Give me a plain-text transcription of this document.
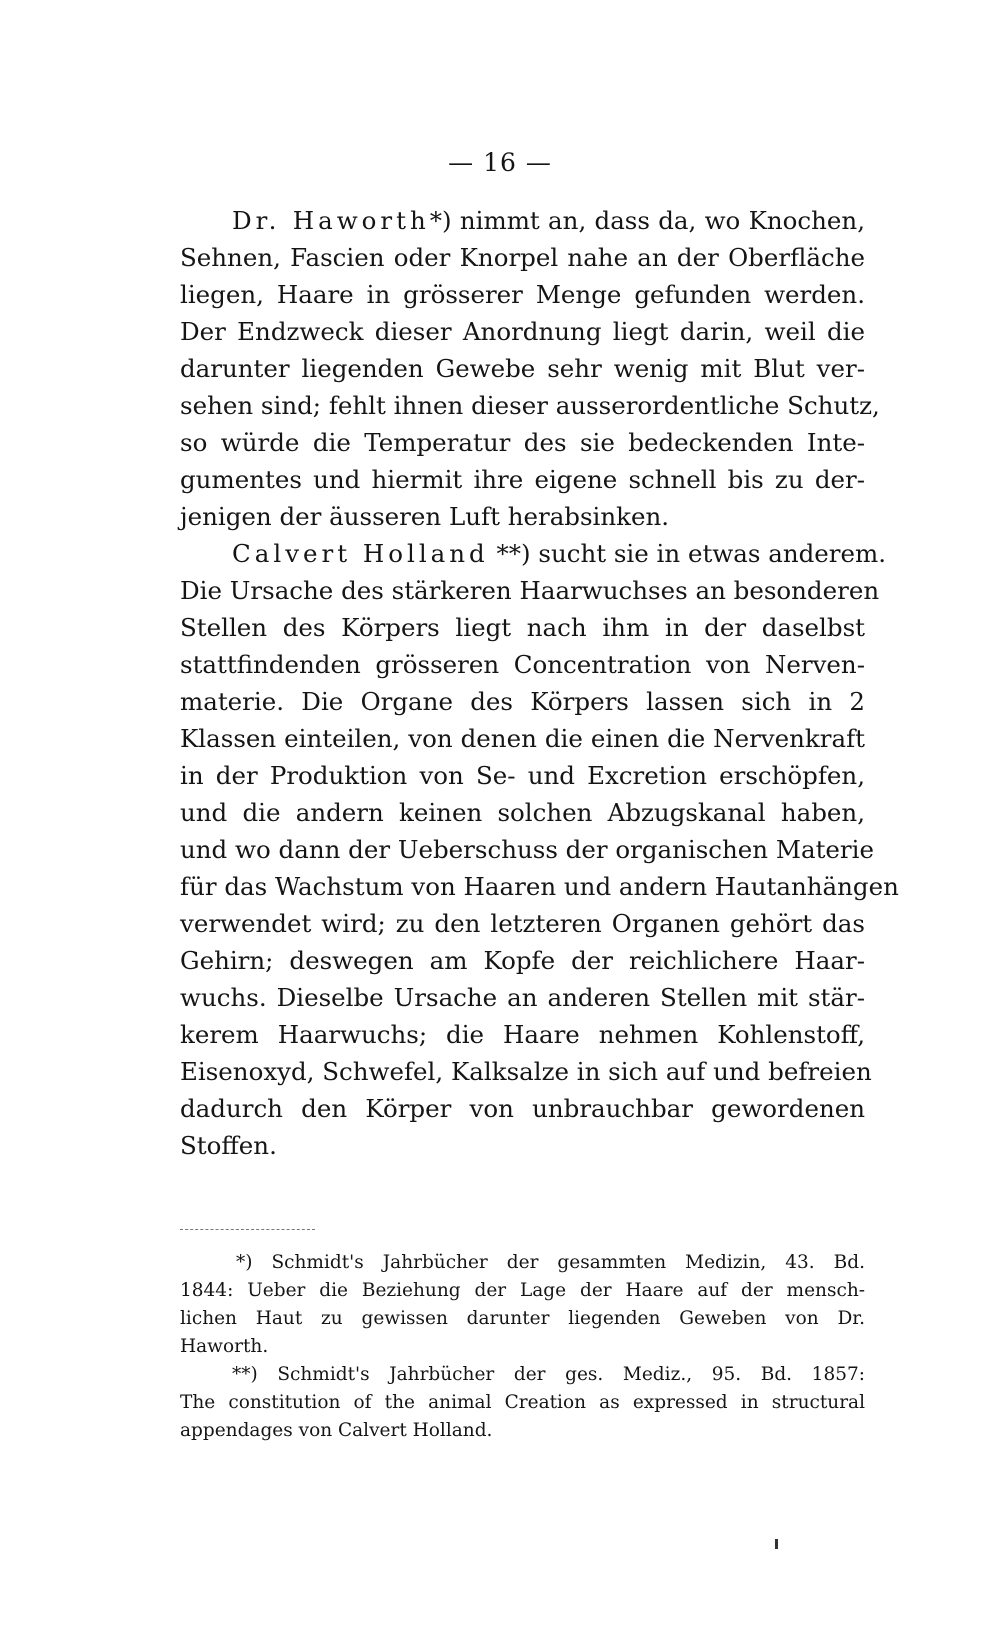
— 16 —
Dr. Haworth*) nimmt an, dass da, wo Knochen,
Sehnen, Fascien oder Knorpel nahe an der Oberfläche
liegen, Haare in grösserer Menge gefunden werden.
Der Endzweck dieser Anordnung liegt darin, weil die
darunter liegenden Gewebe sehr wenig mit Blut ver-
sehen sind; fehlt ihnen dieser ausserordentliche Schutz,
so würde die Temperatur des sie bedeckenden Inte-
gumentes und hiermit ihre eigene schnell bis zu der-
jenigen der äusseren Luft herabsinken.
Calvert Holland **) sucht sie in etwas anderem.
Die Ursache des stärkeren Haarwuchses an besonderen
Stellen des Körpers liegt nach ihm in der daselbst
stattfindenden grösseren Concentration von Nerven-
materie. Die Organe des Körpers lassen sich in 2
Klassen einteilen, von denen die einen die Nervenkraft
in der Produktion von Se- und Excretion erschöpfen,
und die andern keinen solchen Abzugskanal haben,
und wo dann der Ueberschuss der organischen Materie
für das Wachstum von Haaren und andern Hautanhängen
verwendet wird; zu den letzteren Organen gehört das
Gehirn; deswegen am Kopfe der reichlichere Haar-
wuchs. Dieselbe Ursache an anderen Stellen mit stär-
kerem Haarwuchs; die Haare nehmen Kohlenstoff,
Eisenoxyd, Schwefel, Kalksalze in sich auf und befreien
dadurch den Körper von unbrauchbar gewordenen
Stoffen.
*) Schmidt's Jahrbücher der gesammten Medizin, 43. Bd.
1844: Ueber die Beziehung der Lage der Haare auf der mensch-
lichen Haut zu gewissen darunter liegenden Geweben von Dr.
Haworth.
**) Schmidt's Jahrbücher der ges. Mediz., 95. Bd. 1857:
The constitution of the animal Creation as expressed in structural
appendages von Calvert Holland.
